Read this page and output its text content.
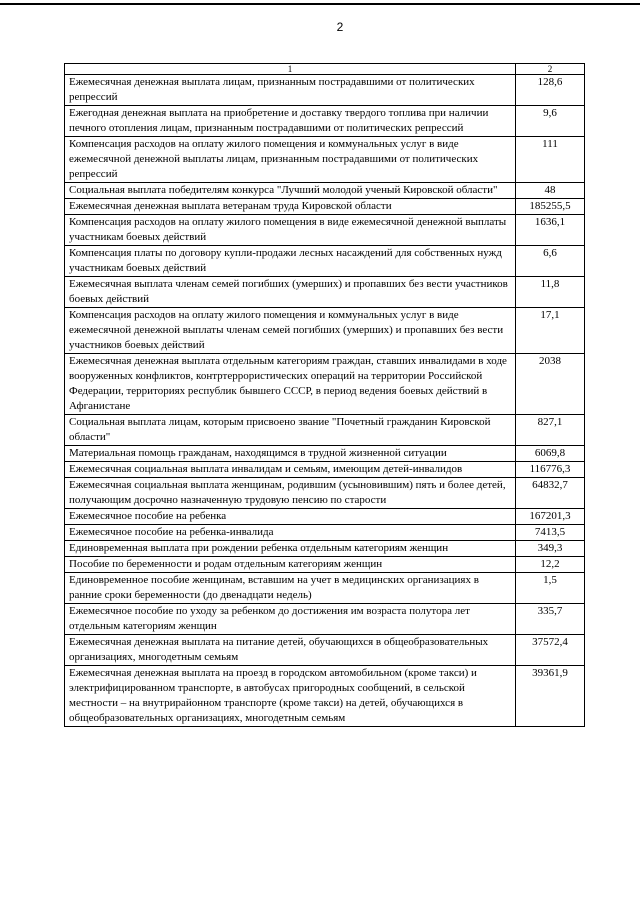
2
1	2
Ежемесячная денежная выплата лицам, признанным пострадавшими от политических репрессий	128,6
Ежегодная денежная выплата на приобретение и доставку твердого топлива при наличии печного отопления лицам, признанным пострадавшими от политических репрессий	9,6
Компенсация расходов на оплату жилого помещения и коммунальных услуг в виде ежемесячной денежной выплаты лицам, признанным пострадавшими от политических репрессий	111
Социальная выплата победителям конкурса "Лучший молодой ученый Кировской области"	48
Ежемесячная денежная выплата ветеранам труда Кировской области	185255,5
Компенсация расходов на оплату жилого помещения в виде ежемесячной денежной выплаты участникам боевых действий	1636,1
Компенсация платы по договору купли-продажи лесных насаждений для собственных нужд участникам боевых действий	6,6
Ежемесячная выплата членам семей погибших (умерших) и пропавших без вести участников боевых действий	11,8
Компенсация расходов на оплату жилого помещения и коммунальных услуг в виде ежемесячной денежной выплаты членам семей погибших (умерших) и пропавших без вести участников боевых действий	17,1
Ежемесячная денежная выплата отдельным категориям граждан, ставших инвалидами в ходе вооруженных конфликтов, контртеррористических операций на территории Российской Федерации, территориях республик бывшего СССР, в период ведения боевых действий в Афганистане	2038
Социальная выплата лицам, которым присвоено звание "Почетный гражданин Кировской области"	827,1
Материальная помощь гражданам, находящимся в трудной жизненной ситуации	6069,8
Ежемесячная социальная выплата инвалидам и семьям, имеющим детей-инвалидов	116776,3
Ежемесячная социальная выплата женщинам, родившим (усыновившим) пять и более детей, получающим досрочно назначенную трудовую пенсию по старости	64832,7
Ежемесячное пособие на ребенка	167201,3
Ежемесячное пособие на ребенка-инвалида	7413,5
Единовременная выплата при рождении ребенка отдельным категориям женщин	349,3
Пособие по беременности и родам отдельным категориям женщин	12,2
Единовременное пособие женщинам, вставшим на учет в медицинских организациях в ранние сроки беременности (до двенадцати недель)	1,5
Ежемесячное пособие по уходу за ребенком до достижения им возраста полутора лет отдельным категориям женщин	335,7
Ежемесячная денежная выплата на питание детей, обучающихся в общеобразовательных организациях, многодетным семьям	37572,4
Ежемесячная денежная выплата на проезд в городском автомобильном (кроме такси) и электрифицированном транспорте, в автобусах пригородных сообщений, в сельской местности – на внутрирайонном транспорте (кроме такси) на детей, обучающихся в общеобразовательных организациях, многодетным семьям	39361,9
